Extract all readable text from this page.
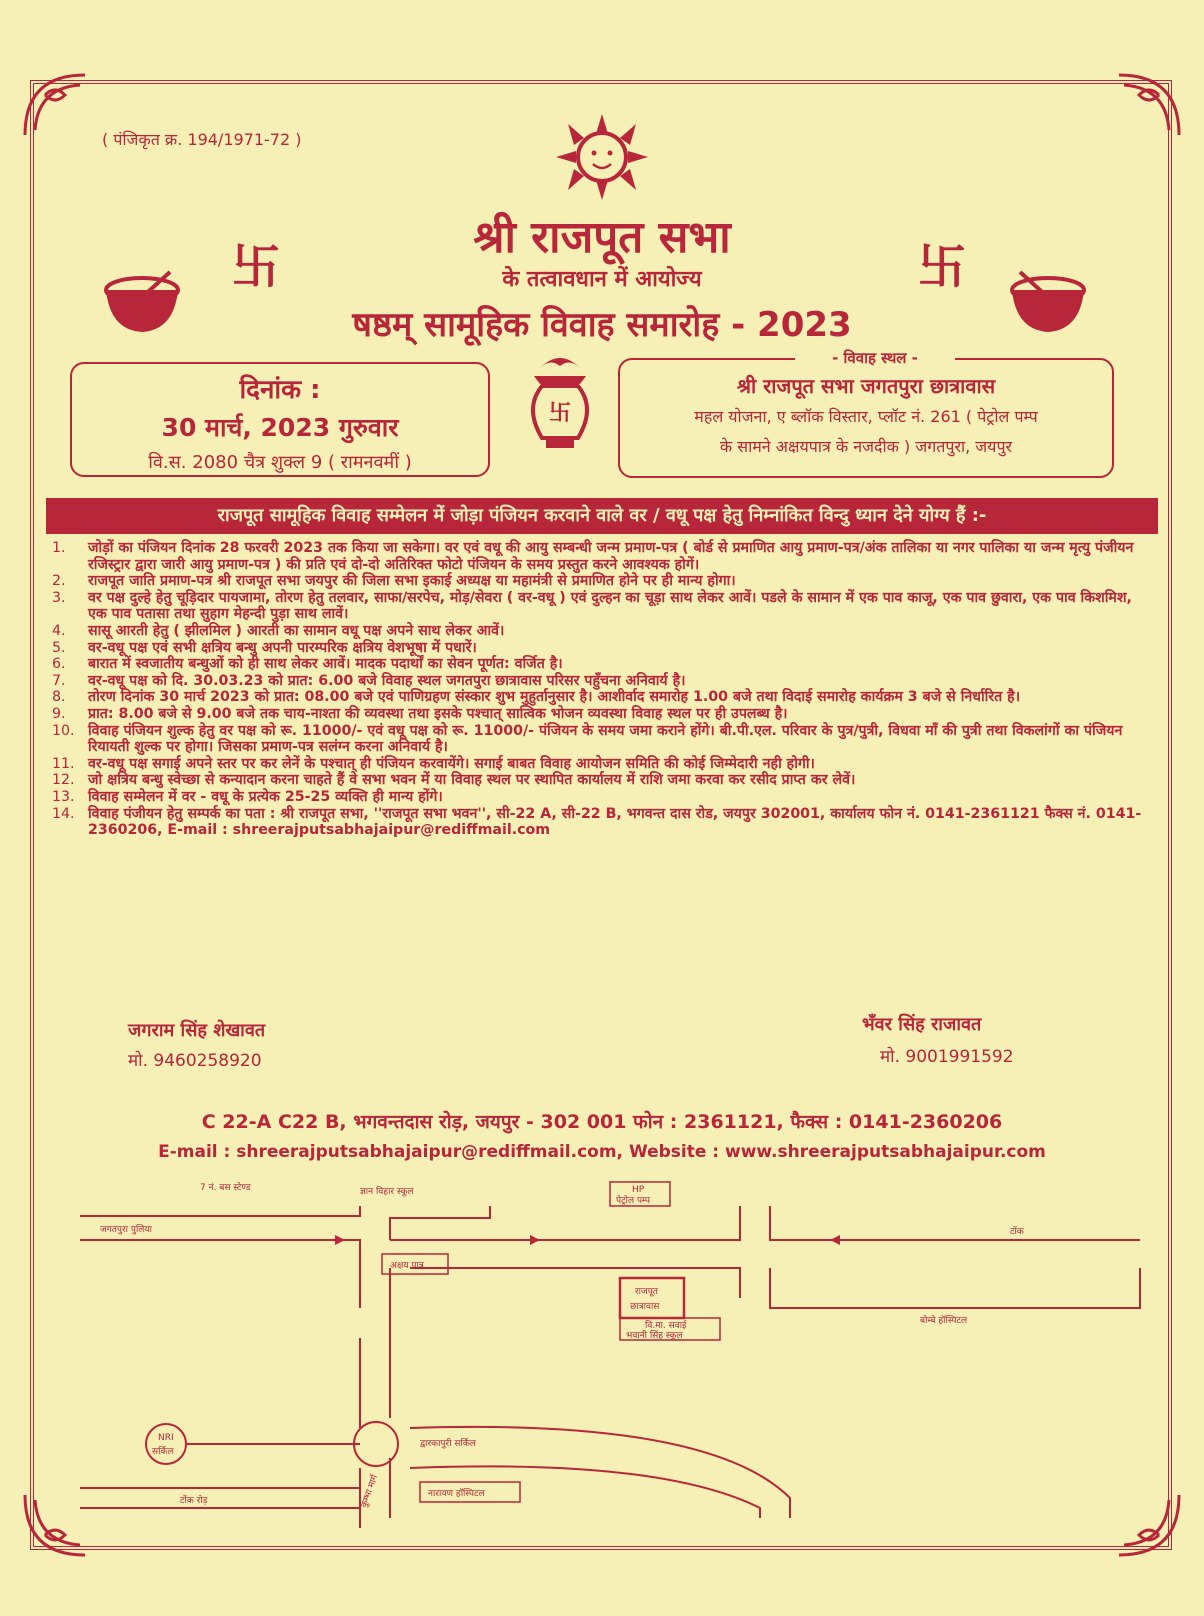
( पंजिकृत क्र. 194/1971-72 )
श्री राजपूत सभा
के तत्वावधान में आयोज्य
षष्ठम् सामूहिक विवाह समारोह - 2023
卐	卐
दिनांक :
30 मार्च, 2023 गुरुवार
वि.स. 2080 चैत्र शुक्ल 9 ( रामनवमीं )
卐
श्री राजपूत सभा जगतपुरा छात्रावास
महल योजना, ए ब्लॉक विस्तार, प्लॉट नं. 261 ( पेट्रोल पम्प
के सामने अक्षयपात्र के नजदीक ) जगतपुरा, जयपुर
- विवाह स्थल -
राजपूत सामूहिक विवाह सम्मेलन में जोड़ा पंजियन करवाने वाले वर / वधू पक्ष हेतु निम्नांकित विन्दु ध्यान देने योग्य हैं :-
1.	जोड़ों का पंजियन दिनांक 28 फरवरी 2023 तक किया जा सकेगा। वर एवं वधू की आयु सम्बन्धी जन्म प्रमाण-पत्र ( बोर्ड से प्रमाणित आयु प्रमाण-पत्र/अंक तालिका या नगर पालिका या जन्म मृत्यु पंजीयन रजिस्ट्रार द्वारा जारी आयु प्रमाण-पत्र ) की प्रति एवं दो-दो अतिरिक्त फोटो पंजियन के समय प्रस्तुत करने आवश्यक होगें।
2.	राजपूत जाति प्रमाण-पत्र श्री राजपूत सभा जयपुर की जिला सभा इकाई अध्यक्ष या महामंत्री से प्रमाणित होने पर ही मान्य होगा।
3.	वर पक्ष दुल्हे हेतु चूड़िदार पायजामा, तोरण हेतु तलवार, साफा/सरपेच, मोड़/सेवरा ( वर-वधू ) एवं दुल्हन का चूड़ा साथ लेकर आवें। पडले के सामान में एक पाव काजू, एक पाव छुवारा, एक पाव किशमिश, एक पाव पतासा तथा सुहाग मेहन्दी पुड़ा साथ लावें।
4.	सासू आरती हेतु ( झीलमिल ) आरती का सामान वधू पक्ष अपने साथ लेकर आवें।
5.	वर-वधू पक्ष एवं सभी क्षत्रिय बन्धु अपनी पारम्परिक क्षत्रिय वेशभूषा में पधारें।
6.	बारात में स्वजातीय बन्धुओं को ही साथ लेकर आवें। मादक पदार्थों का सेवन पूर्णत: वर्जित है।
7.	वर-वधू पक्ष को दि. 30.03.23 को प्रात: 6.00 बजे विवाह स्थल जगतपुरा छात्रावास परिसर पहुँचना अनिवार्य है।
8.	तोरण दिनांक 30 मार्च 2023 को प्रात: 08.00 बजे एवं पाणिग्रहण संस्कार शुभ मुहुर्तानुसार है। आशीर्वाद समारोह 1.00 बजे तथा विदाई समारोह कार्यक्रम 3 बजे से निर्धारित है।
9.	प्रात: 8.00 बजे से 9.00 बजे तक चाय-नाश्ता की व्यवस्था तथा इसके पश्चात् सात्विक भोजन व्यवस्था विवाह स्थल पर ही उपलब्ध है।
10. विवाह पंजियन शुल्क हेतु वर पक्ष को रू. 11000/- एवं वधू पक्ष को रू. 11000/- पंजियन के समय जमा कराने होंगे। बी.पी.एल. परिवार के पुत्र/पुत्री, विधवा माँ की पुत्री तथा विकलांगों का पंजियन रियायती शुल्क पर होगा। जिसका प्रमाण-पत्र सलंग्न करना अनिवार्य है।
11. वर-वधू पक्ष सगाई अपने स्तर पर कर लेनें के पश्चात् ही पंजियन करवायेंगे। सगाई बाबत विवाह आयोजन समिति की कोई जिम्मेदारी नही होगी।
12. जो क्षत्रिय बन्धु स्वेच्छा से कन्यादान करना चाहते हैं वे सभा भवन में या विवाह स्थल पर स्थापित कार्यालय में राशि जमा करवा कर रसीद प्राप्त कर लेवें।
13. विवाह सम्मेलन में वर - वधू के प्रत्येक 25-25 व्यक्ति ही मान्य होंगे।
14. विवाह पंजीयन हेतु सम्पर्क का पता : श्री राजपूत सभा, ''राजपूत सभा भवन'', सी-22 A, सी-22 B, भगवन्त दास रोड, जयपुर 302001, कार्यालय फोन नं. 0141-2361121 फैक्स नं. 0141-2360206, E-mail : shreerajputsabhajaipur@rediffmail.com
जगराम सिंह शेखावत
मो. 9460258920
भँवर सिंह राजावत
मो. 9001991592
C 22-A C22 B, भगवन्तदास रोड़, जयपुर - 302 001 फोन : 2361121, फैक्स : 0141-2360206
E-mail : shreerajputsabhajaipur@rediffmail.com, Website : www.shreerajputsabhajaipur.com
7 नं. बस स्टेण्ड	ज्ञान विहार स्कूल	HP
पेट्रोल पम्प
जगतपुरा पुलिया	टोंक
बोम्बे हॉस्पिटल
अक्षय पात्र
राजपूत
छात्रावास
वि.मा. सवाई
भवानी सिंह स्कूल
NRI
सर्किल
द्वारकापुरी सर्किल
नारायण हॉस्पिटल
टोंक रोड़	कुम्भा मार्ग
